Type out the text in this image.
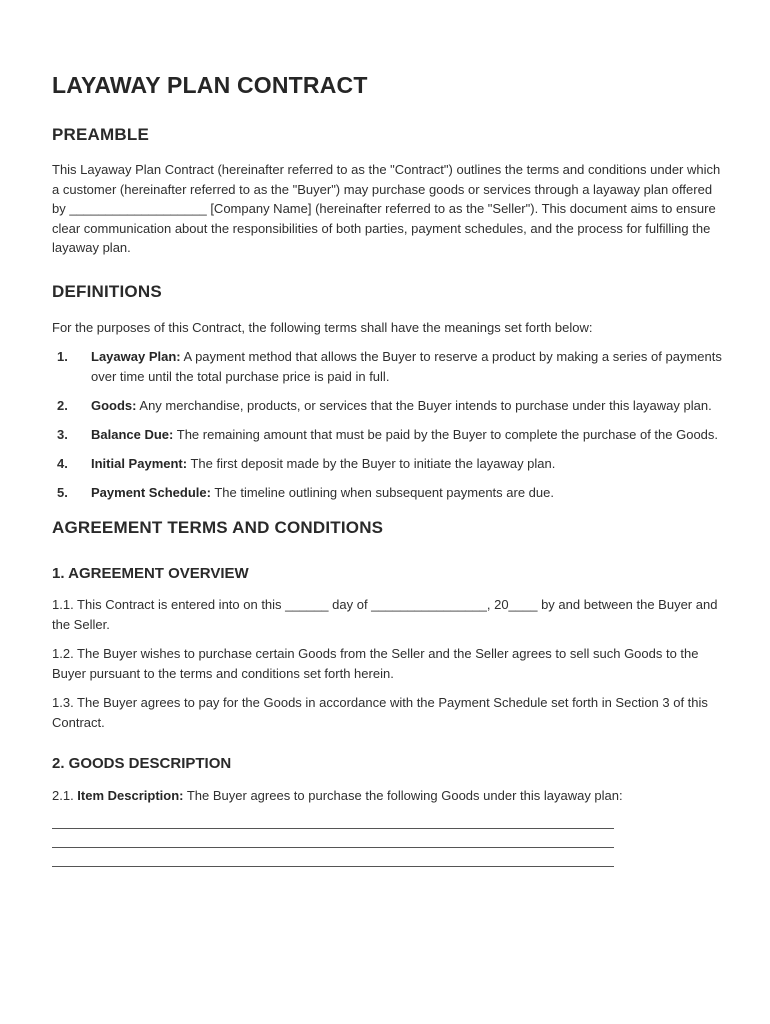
LAYAWAY PLAN CONTRACT
PREAMBLE

This Layaway Plan Contract (hereinafter referred to as the "Contract") outlines the terms and conditions under which a customer (hereinafter referred to as the "Buyer") may purchase goods or services through a layaway plan offered by ___________________ [Company Name] (hereinafter referred to as the "Seller"). This document aims to ensure clear communication about the responsibilities of both parties, payment schedules, and the process for fulfilling the layaway plan.

DEFINITIONS

For the purposes of this Contract, the following terms shall have the meanings set forth below:

1. Layaway Plan: A payment method that allows the Buyer to reserve a product by making a series of payments over time until the total purchase price is paid in full.
2. Goods: Any merchandise, products, or services that the Buyer intends to purchase under this layaway plan.
3. Balance Due: The remaining amount that must be paid by the Buyer to complete the purchase of the Goods.
4. Initial Payment: The first deposit made by the Buyer to initiate the layaway plan.
5. Payment Schedule: The timeline outlining when subsequent payments are due.
AGREEMENT TERMS AND CONDITIONS
1. AGREEMENT OVERVIEW

1.1. This Contract is entered into on this ______ day of ________________, 20____ by and between the Buyer and the Seller.

1.2. The Buyer wishes to purchase certain Goods from the Seller and the Seller agrees to sell such Goods to the Buyer pursuant to the terms and conditions set forth herein.

1.3. The Buyer agrees to pay for the Goods in accordance with the Payment Schedule set forth in Section 3 of this Contract.

2. GOODS DESCRIPTION

2.1. Item Description: The Buyer agrees to purchase the following Goods under this layaway plan:
